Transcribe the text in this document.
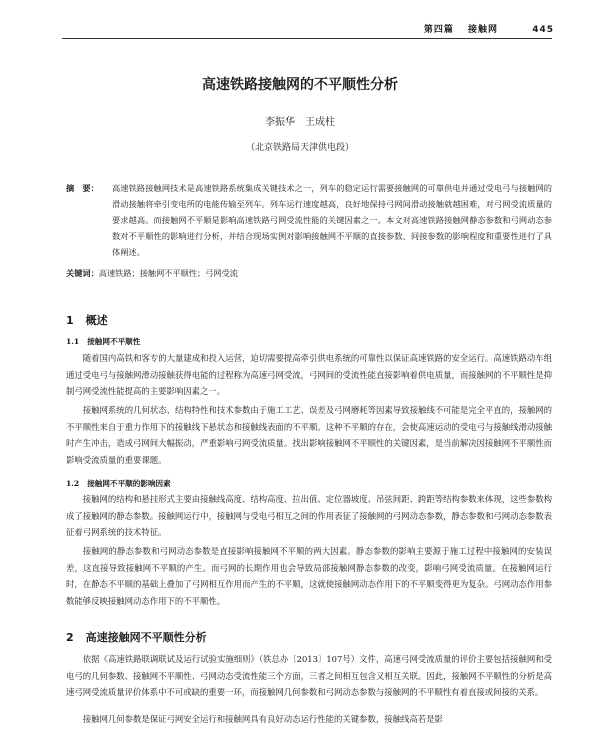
第四篇 接触网	445
高速铁路接触网的不平顺性分析
李振华　王成柱
（北京铁路局天津供电段）
摘　要：	高速铁路接触网技术是高速铁路系统集成关键技术之一，列车的稳定运行需要接触网的可靠供电并通过受电弓与接触网的滑动接触将牵引变电所的电能传输至列车。列车运行速度越高，良好地保持弓网间滑动接触就越困难，对弓网受流质量的要求越高。而接触网不平顺是影响高速铁路弓网受流性能的关键因素之一。本文对高速铁路接触网静态参数和弓网动态参数对不平顺性的影响进行分析，并结合现场实例对影响接触网不平顺的直接参数、间接参数的影响程度和重要性进行了具体阐述。
关键词：高速铁路；接触网不平顺性；弓网受流
1 概述
1.1 接触网不平顺性
随着国内高铁和客专的大量建成和投入运营，迫切需要提高牵引供电系统的可靠性以保证高速铁路的安全运行。高速铁路动车组通过受电弓与接触网滑动接触获得电能的过程称为高速弓网受流，弓网间的受流性能直接影响着供电质量，而接触网的不平顺性是抑制弓网受流性能提高的主要影响因素之一。
接触网系统的几何状态、结构特性和技术参数由于施工工艺、误差及弓网磨耗等因素导致接触线不可能是完全平直的，接触网的不平顺性来自于重力作用下的接触线下悬状态和接触线表面的不平顺。这种不平顺的存在，会使高速运动的受电弓与接触线滑动接触时产生冲击，造成弓网间大幅振动，严重影响弓网受流质量。找出影响接触网不平顺性的关键因素，是当前解决因接触网不平顺性而影响受流质量的重要课题。
1.2 接触网不平顺的影响因素
接触网的结构和悬挂形式主要由接触线高度、结构高度、拉出值、定位器坡度、吊弦间距、跨距等结构参数来体现，这些参数构成了接触网的静态参数。接触网运行中，接触网与受电弓相互之间的作用表征了接触网的弓网动态参数，静态参数和弓网动态参数表征着弓网系统的技术特征。
接触网的静态参数和弓网动态参数是直接影响接触网不平顺的两大因素。静态参数的影响主要源于施工过程中接触网的安装误差，这直接导致接触网不平顺的产生。而弓网的长期作用也会导致局部接触网静态参数的改变，影响弓网受流质量。在接触网运行时，在静态不平顺的基础上叠加了弓网相互作用而产生的不平顺，这就使接触网动态作用下的不平顺变得更为复杂。弓网动态作用参数能够反映接触网动态作用下的不平顺性。
2 高速接触网不平顺性分析
依据《高速铁路联调联试及运行试验实施细则》（铁总办〔2013〕107号）文件，高速弓网受流质量的评价主要包括接触网和受电弓的几何参数、接触网不平顺性、弓网动态受流性能三个方面，三者之间相互包含又相互关联。因此，接触网不平顺性的分析是高速弓网受流质量评价体系中不可或缺的重要一环，而接触网几何参数和弓网动态参数与接触网的不平顺性有着直接或间接的关系。
接触网几何参数是保证弓网安全运行和接触网具有良好动态运行性能的关键参数，接触线高若是影
